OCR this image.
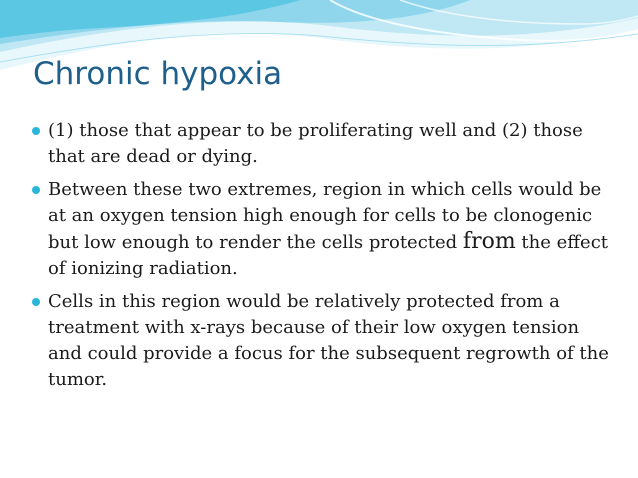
Chronic hypoxia
(1) those that appear to be proliferating well and (2) those that are dead or dying.
Between these two extremes, region in which cells would be at an oxygen tension high enough for cells to be clonogenic but low enough to render the cells protected from the effect of ionizing radiation.
Cells in this region would be relatively protected from a treatment with x-rays because of their low oxygen tension and could provide a focus for the subsequent regrowth of the tumor.
